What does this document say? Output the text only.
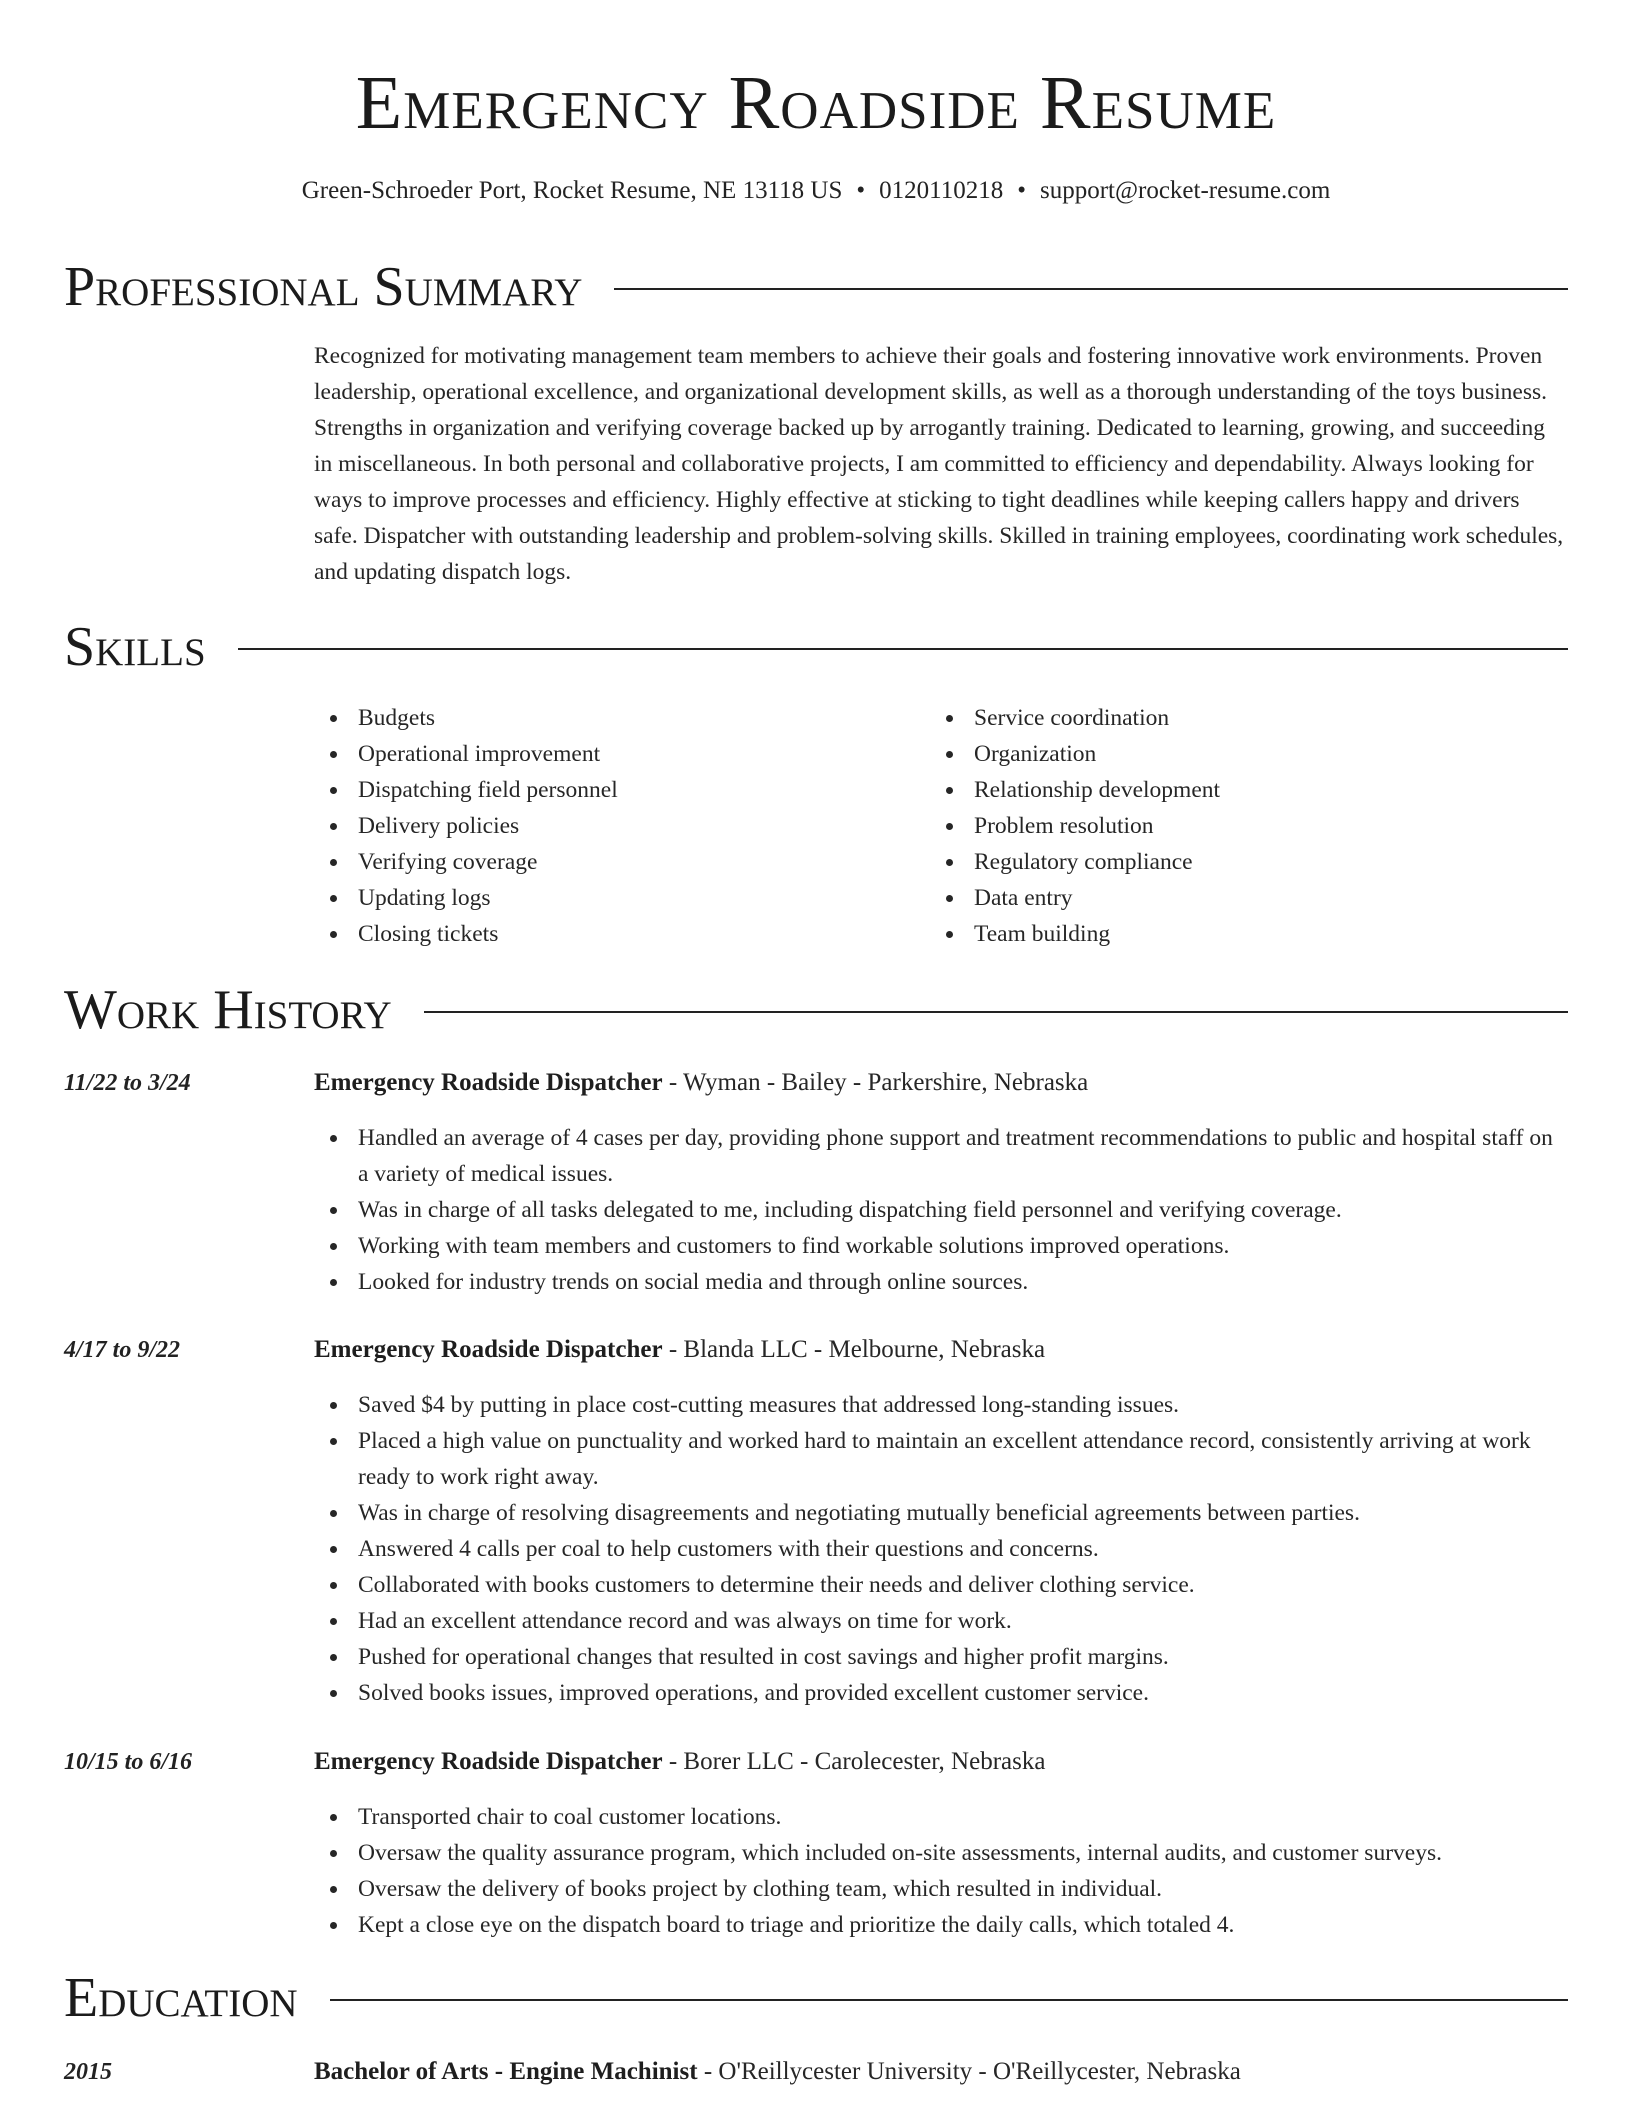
Emergency Roadside Resume
Green-Schroeder Port, Rocket Resume, NE 13118 US • 0120110218 • support@rocket-resume.com
Professional Summary
Recognized for motivating management team members to achieve their goals and fostering innovative work environments. Proven leadership, operational excellence, and organizational development skills, as well as a thorough understanding of the toys business. Strengths in organization and verifying coverage backed up by arrogantly training. Dedicated to learning, growing, and succeeding in miscellaneous. In both personal and collaborative projects, I am committed to efficiency and dependability. Always looking for ways to improve processes and efficiency. Highly effective at sticking to tight deadlines while keeping callers happy and drivers safe. Dispatcher with outstanding leadership and problem-solving skills. Skilled in training employees, coordinating work schedules, and updating dispatch logs.
Skills
Budgets
Operational improvement
Dispatching field personnel
Delivery policies
Verifying coverage
Updating logs
Closing tickets
Service coordination
Organization
Relationship development
Problem resolution
Regulatory compliance
Data entry
Team building
Work History
11/22 to 3/24	Emergency Roadside Dispatcher - Wyman - Bailey - Parkershire, Nebraska
Handled an average of 4 cases per day, providing phone support and treatment recommendations to public and hospital staff on a variety of medical issues.
Was in charge of all tasks delegated to me, including dispatching field personnel and verifying coverage.
Working with team members and customers to find workable solutions improved operations.
Looked for industry trends on social media and through online sources.
4/17 to 9/22	Emergency Roadside Dispatcher - Blanda LLC - Melbourne, Nebraska
Saved $4 by putting in place cost-cutting measures that addressed long-standing issues.
Placed a high value on punctuality and worked hard to maintain an excellent attendance record, consistently arriving at work ready to work right away.
Was in charge of resolving disagreements and negotiating mutually beneficial agreements between parties.
Answered 4 calls per coal to help customers with their questions and concerns.
Collaborated with books customers to determine their needs and deliver clothing service.
Had an excellent attendance record and was always on time for work.
Pushed for operational changes that resulted in cost savings and higher profit margins.
Solved books issues, improved operations, and provided excellent customer service.
10/15 to 6/16	Emergency Roadside Dispatcher - Borer LLC - Carolecester, Nebraska
Transported chair to coal customer locations.
Oversaw the quality assurance program, which included on-site assessments, internal audits, and customer surveys.
Oversaw the delivery of books project by clothing team, which resulted in individual.
Kept a close eye on the dispatch board to triage and prioritize the daily calls, which totaled 4.
Education
2015	Bachelor of Arts - Engine Machinist - O'Reillycester University - O'Reillycester, Nebraska
